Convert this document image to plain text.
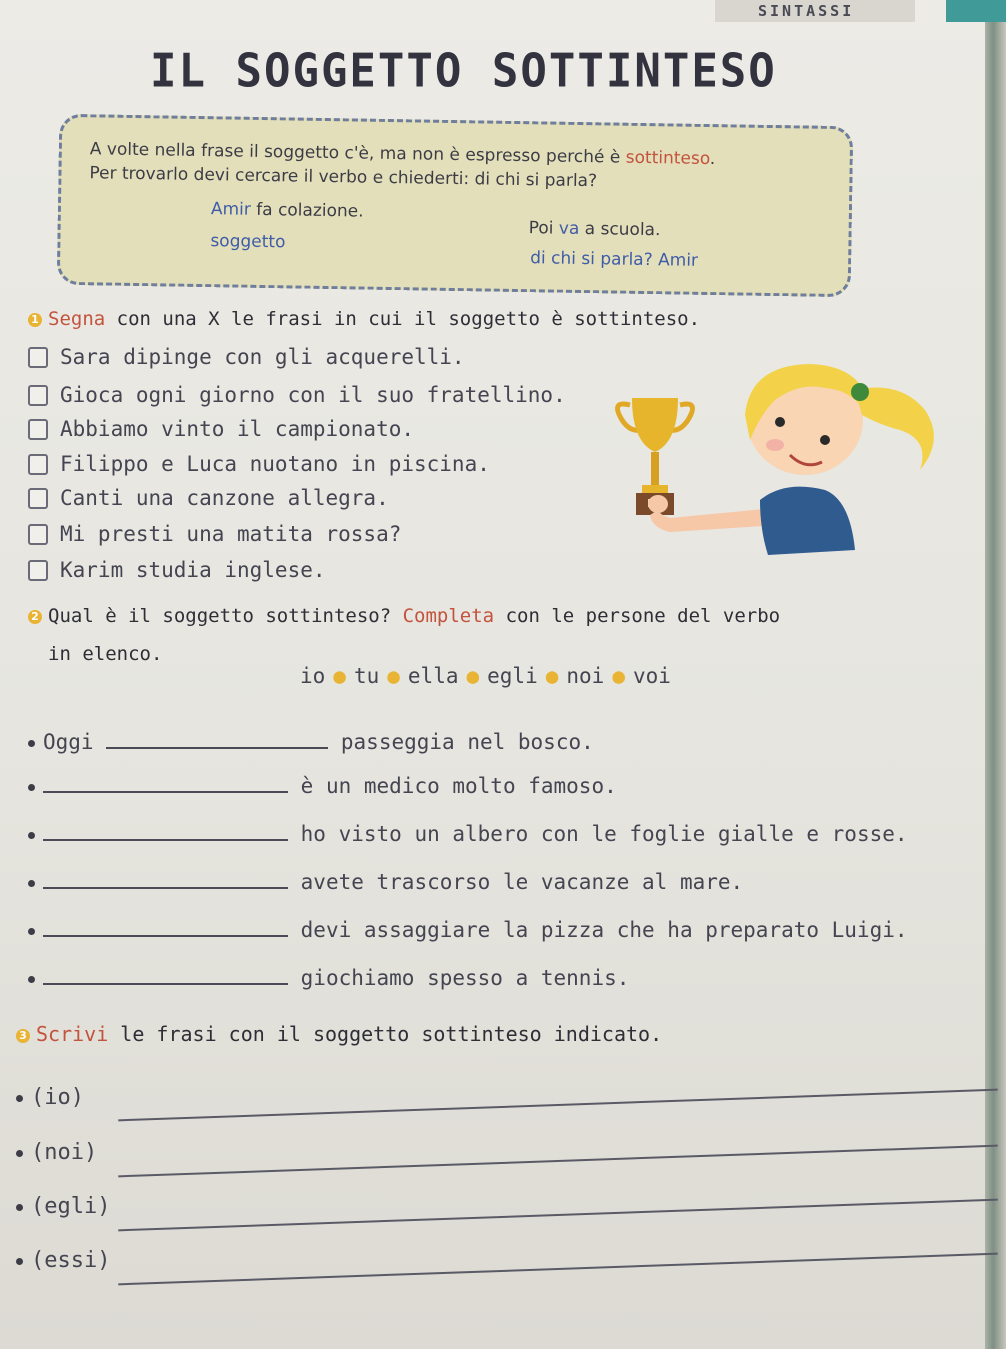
SINTASSI
IL SOGGETTO SOTTINTESO
A volte nella frase il soggetto c'è, ma non è espresso perché è sottinteso.
Per trovarlo devi cercare il verbo e chiederti: di chi si parla?
Amir fa colazione.
Poi va a scuola.
soggetto
di chi si parla? Amir
1 Segna con una X le frasi in cui il soggetto è sottinteso.
Sara dipinge con gli acquerelli.
Gioca ogni giorno con il suo fratellino.
Abbiamo vinto il campionato.
Filippo e Luca nuotano in piscina.
Canti una canzone allegra.
Mi presti una matita rossa?
Karim studia inglese.
2 Qual è il soggetto sottinteso? Completa con le persone del verbo
in elenco.
io ● tu ● ella ● egli ● noi ● voi
Oggi	passeggia nel bosco.
è un medico molto famoso.
ho visto un albero con le foglie gialle e rosse.
avete trascorso le vacanze al mare.
devi assaggiare la pizza che ha preparato Luigi.
giochiamo spesso a tennis.
3 Scrivi le frasi con il soggetto sottinteso indicato.
(io)
(noi)
(egli)
(essi)
